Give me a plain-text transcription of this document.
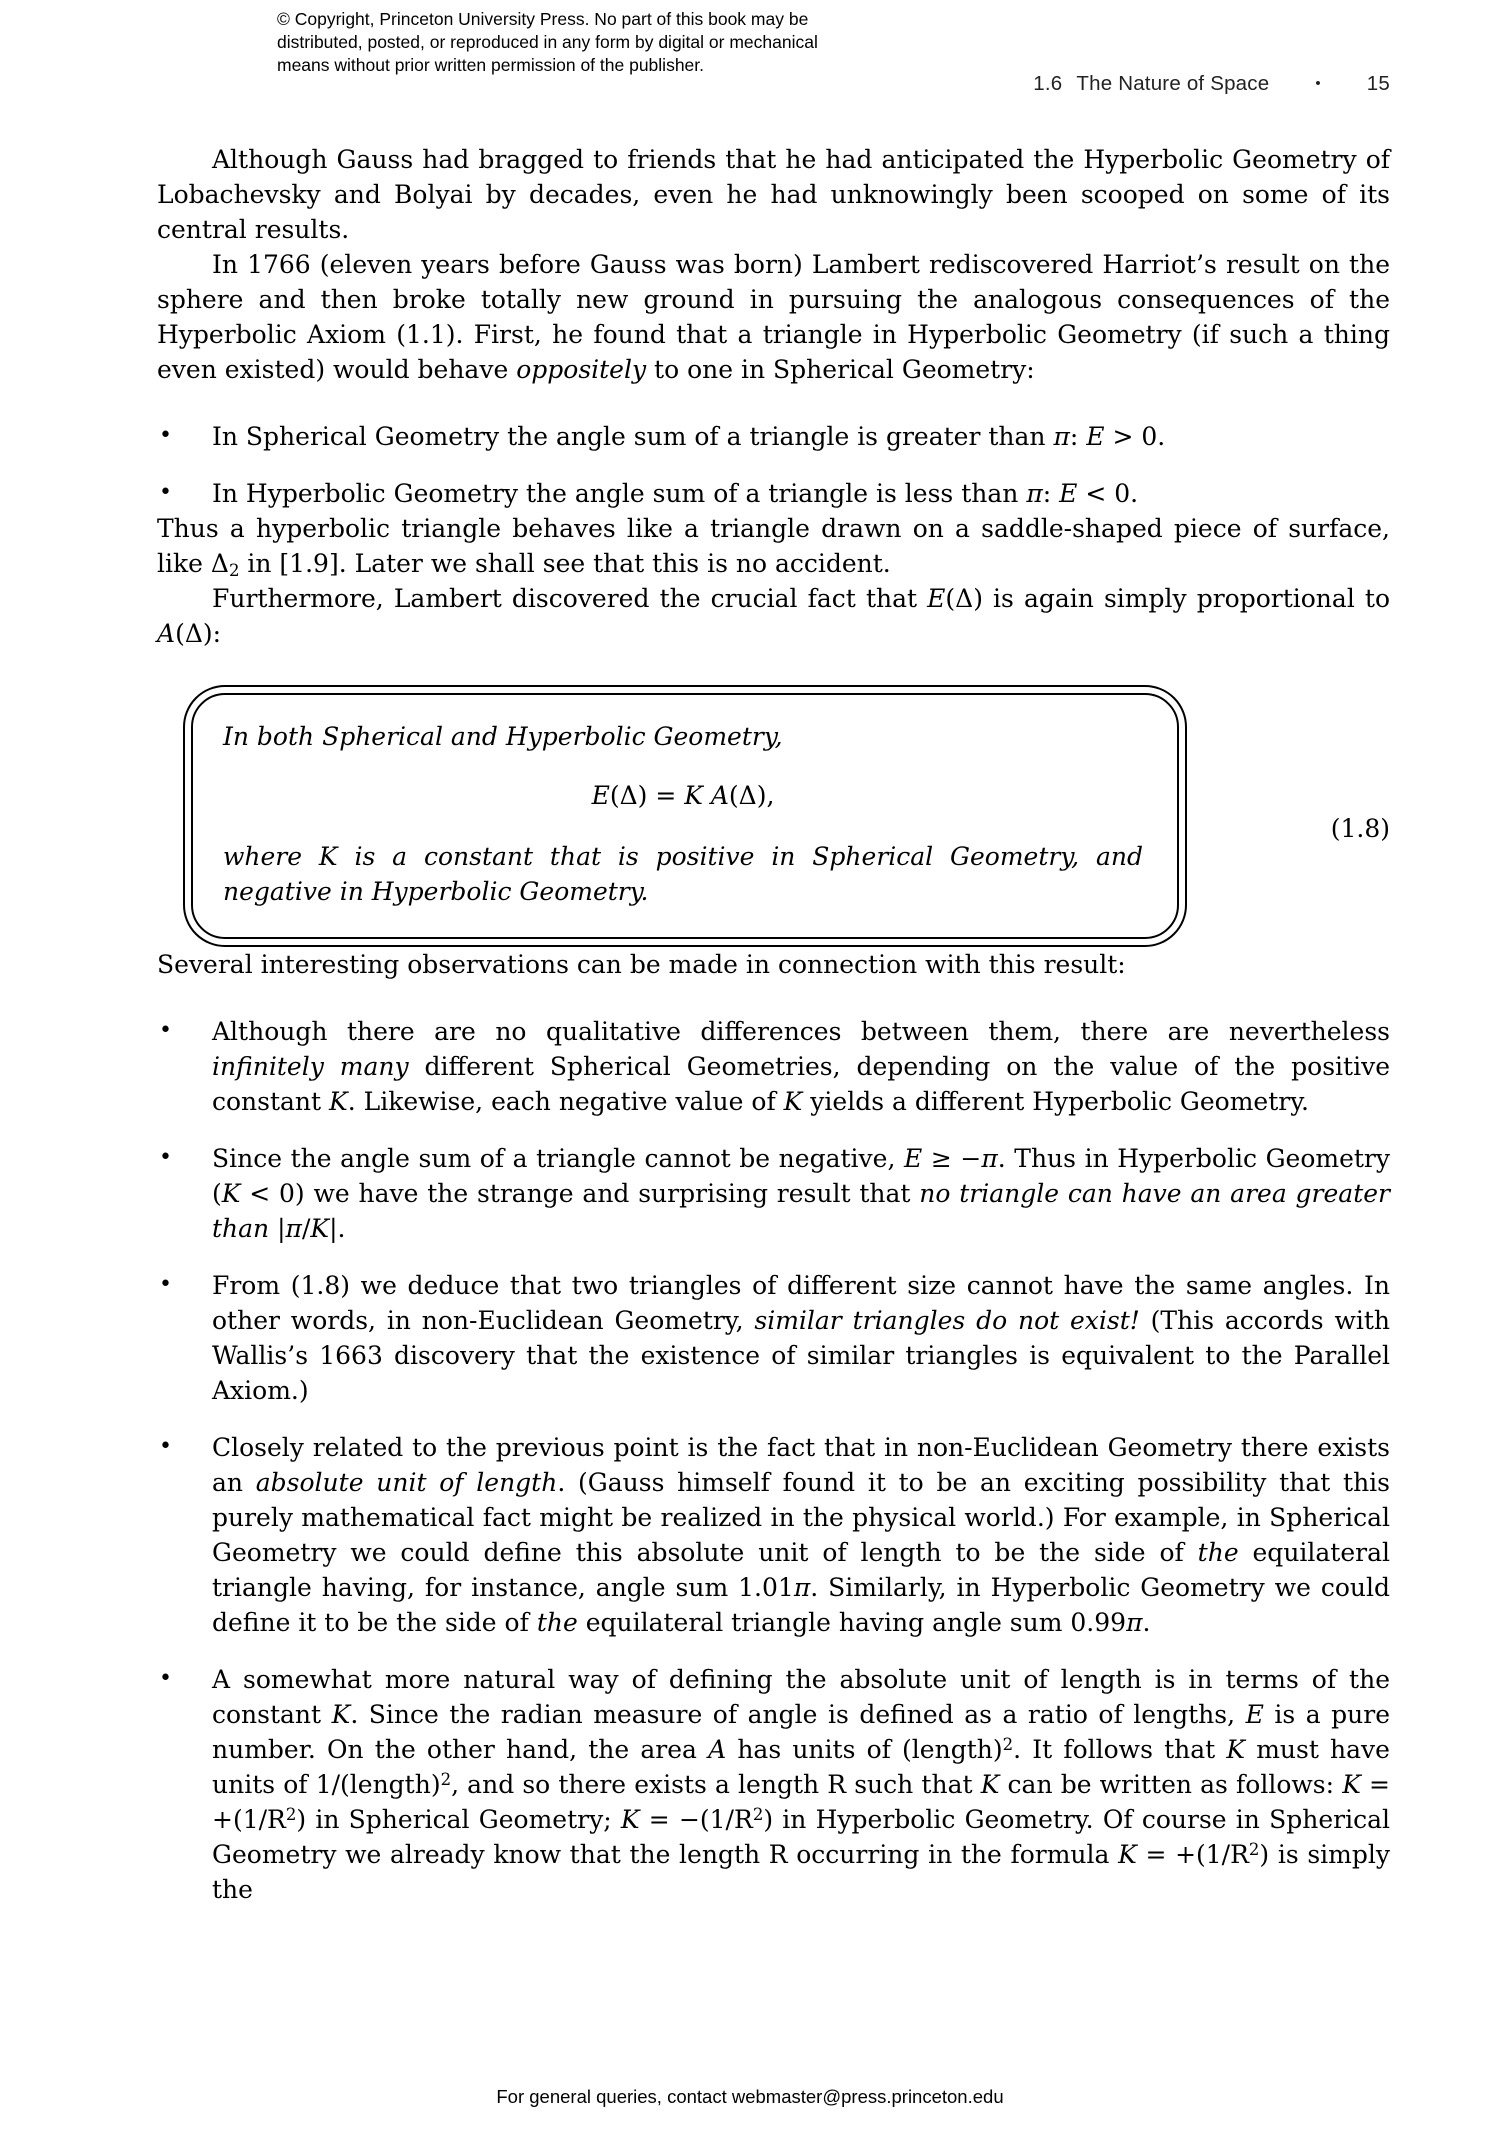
© Copyright, Princeton University Press. No part of this book may be
distributed, posted, or reproduced in any form by digital or mechanical
means without prior written permission of the publisher.
1.6 The Nature of Space	• 15

Although Gauss had bragged to friends that he had anticipated the Hyperbolic Geometry of Lobachevsky and Bolyai by decades, even he had unknowingly been scooped on some of its central results.

In 1766 (eleven years before Gauss was born) Lambert rediscovered Harriot’s result on the sphere and then broke totally new ground in pursuing the analogous consequences of the Hyperbolic Axiom (1.1). First, he found that a triangle in Hyperbolic Geometry (if such a thing even existed) would behave oppositely to one in Spherical Geometry:

• In Spherical Geometry the angle sum of a triangle is greater than π: E > 0.
• In Hyperbolic Geometry the angle sum of a triangle is less than π: E < 0.

Thus a hyperbolic triangle behaves like a triangle drawn on a saddle-shaped piece of surface, like $\Delta_2$ in [1.9]. Later we shall see that this is no accident.

Furthermore, Lambert discovered the crucial fact that E(Δ) is again simply proportional to A(Δ):

In both Spherical and Hyperbolic Geometry,

E(Δ) = K A(Δ),

where K is a constant that is positive in Spherical Geometry, and negative in Hyperbolic Geometry.

(1.8)

Several interesting observations can be made in connection with this result:

• Although there are no qualitative differences between them, there are nevertheless infinitely many different Spherical Geometries, depending on the value of the positive constant K. Likewise, each negative value of K yields a different Hyperbolic Geometry.
• Since the angle sum of a triangle cannot be negative, E ≥ −π. Thus in Hyperbolic Geometry (K < 0) we have the strange and surprising result that no triangle can have an area greater than |π/K|.
• From (1.8) we deduce that two triangles of different size cannot have the same angles. In other words, in non-Euclidean Geometry, similar triangles do not exist! (This accords with Wallis’s 1663 discovery that the existence of similar triangles is equivalent to the Parallel Axiom.)
• Closely related to the previous point is the fact that in non-Euclidean Geometry there exists an absolute unit of length. (Gauss himself found it to be an exciting possibility that this purely mathematical fact might be realized in the physical world.) For example, in Spherical Geometry we could define this absolute unit of length to be the side of the equilateral triangle having, for instance, angle sum 1.01π. Similarly, in Hyperbolic Geometry we could define it to be the side of the equilateral triangle having angle sum 0.99π.
• A somewhat more natural way of defining the absolute unit of length is in terms of the constant K. Since the radian measure of angle is defined as a ratio of lengths, E is a pure number. On the other hand, the area A has units of (length)$^2$. It follows that K must have units of 1/(length)$^2$, and so there exists a length R such that K can be written as follows: $K = +(1/R^2)$ in Spherical Geometry; $K = -(1/R^2)$ in Hyperbolic Geometry. Of course in Spherical Geometry we already know that the length R occurring in the formula $K = +(1/R^2)$ is simply the
For general queries, contact webmaster@press.princeton.edu
